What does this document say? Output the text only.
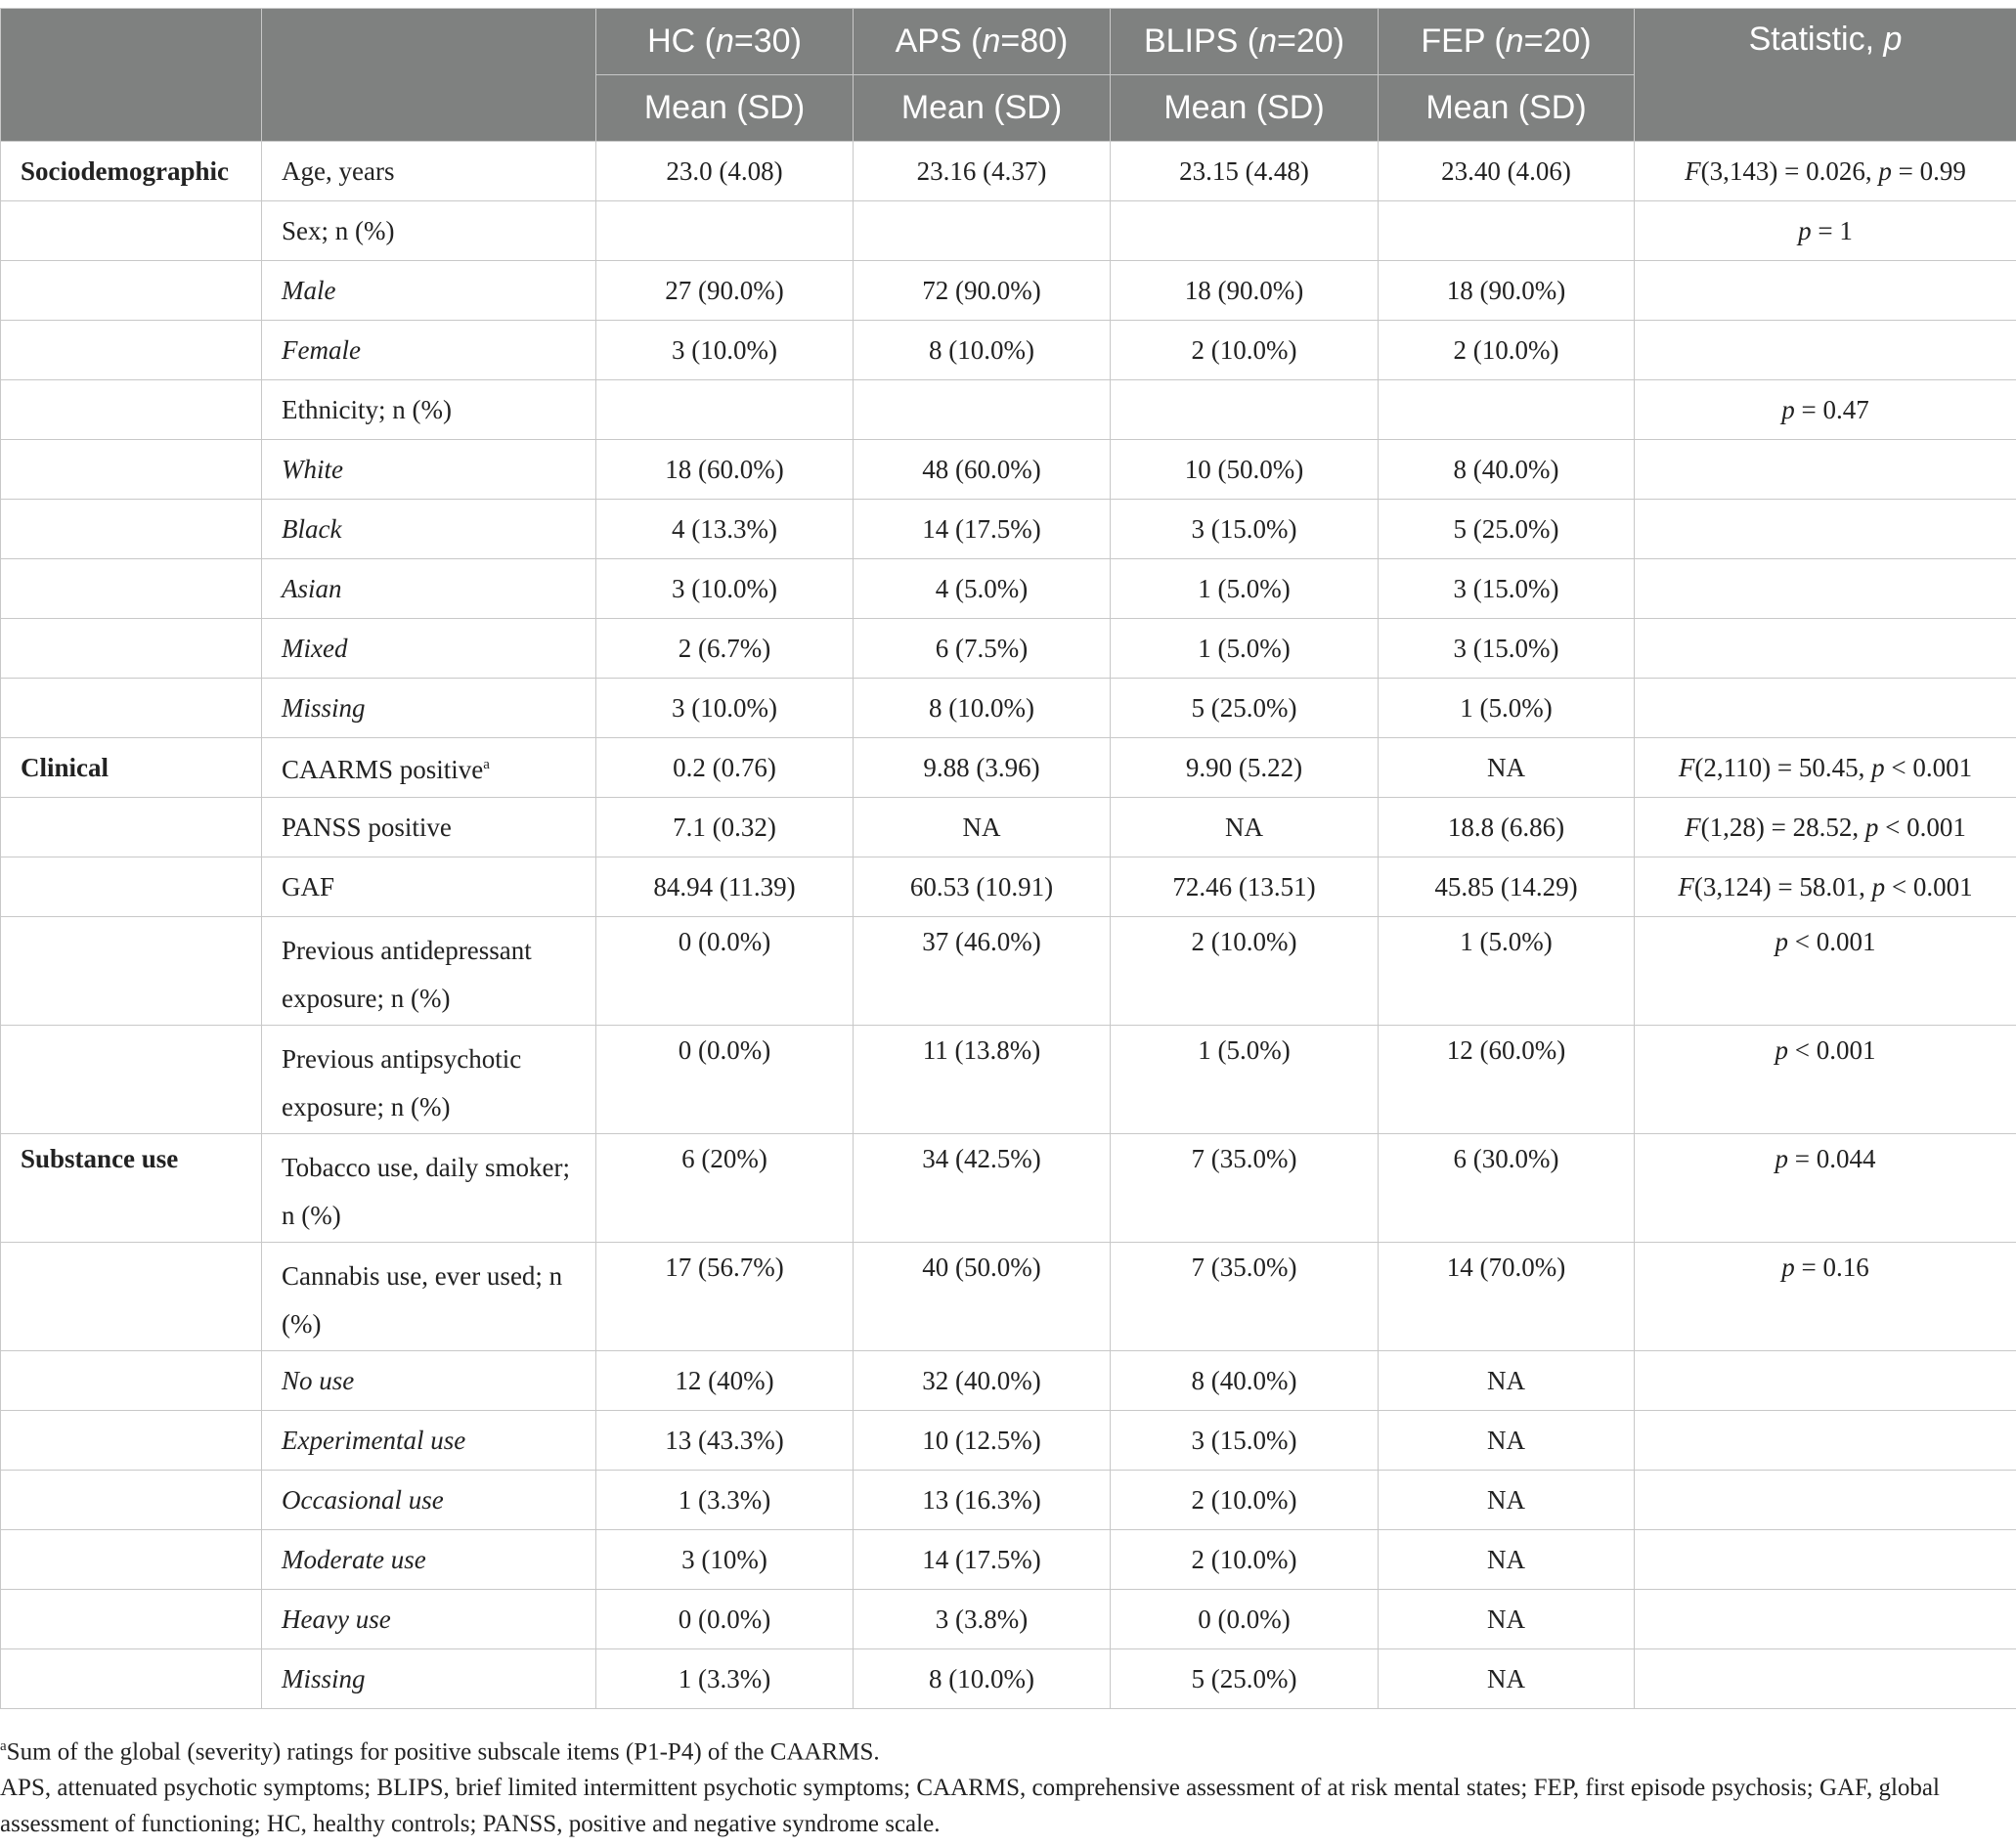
		HC (n=30)	APS (n=80)	BLIPS (n=20)	FEP (n=20)	Statistic, p
		Mean (SD)	Mean (SD)	Mean (SD)	Mean (SD)	
Sociodemographic	Age, years	23.0 (4.08)	23.16 (4.37)	23.15 (4.48)	23.40 (4.06)	F(3,143) = 0.026, p = 0.99
	Sex; n (%)					p = 1
	Male	27 (90.0%)	72 (90.0%)	18 (90.0%)	18 (90.0%)	
	Female	3 (10.0%)	8 (10.0%)	2 (10.0%)	2 (10.0%)	
	Ethnicity; n (%)					p = 0.47
	White	18 (60.0%)	48 (60.0%)	10 (50.0%)	8 (40.0%)	
	Black	4 (13.3%)	14 (17.5%)	3 (15.0%)	5 (25.0%)	
	Asian	3 (10.0%)	4 (5.0%)	1 (5.0%)	3 (15.0%)	
	Mixed	2 (6.7%)	6 (7.5%)	1 (5.0%)	3 (15.0%)	
	Missing	3 (10.0%)	8 (10.0%)	5 (25.0%)	1 (5.0%)	
Clinical	CAARMS positive$^a$	0.2 (0.76)	9.88 (3.96)	9.90 (5.22)	NA	F(2,110) = 50.45, p < 0.001
	PANSS positive	7.1 (0.32)	NA	NA	18.8 (6.86)	F(1,28) = 28.52, p < 0.001
	GAF	84.94 (11.39)	60.53 (10.91)	72.46 (13.51)	45.85 (14.29)	F(3,124) = 58.01, p < 0.001
	Previous antidepressant exposure; n (%)	0 (0.0%)	37 (46.0%)	2 (10.0%)	1 (5.0%)	p < 0.001
	Previous antipsychotic exposure; n (%)	0 (0.0%)	11 (13.8%)	1 (5.0%)	12 (60.0%)	p < 0.001
Substance use	Tobacco use, daily smoker; n (%)	6 (20%)	34 (42.5%)	7 (35.0%)	6 (30.0%)	p = 0.044
	Cannabis use, ever used; n (%)	17 (56.7%)	40 (50.0%)	7 (35.0%)	14 (70.0%)	p = 0.16
	No use	12 (40%)	32 (40.0%)	8 (40.0%)	NA	
	Experimental use	13 (43.3%)	10 (12.5%)	3 (15.0%)	NA	
	Occasional use	1 (3.3%)	13 (16.3%)	2 (10.0%)	NA	
	Moderate use	3 (10%)	14 (17.5%)	2 (10.0%)	NA	
	Heavy use	0 (0.0%)	3 (3.8%)	0 (0.0%)	NA	
	Missing	1 (3.3%)	8 (10.0%)	5 (25.0%)	NA	

$^a$Sum of the global (severity) ratings for positive subscale items (P1-P4) of the CAARMS.

APS, attenuated psychotic symptoms; BLIPS, brief limited intermittent psychotic symptoms; CAARMS, comprehensive assessment of at risk mental states; FEP, first episode psychosis; GAF, global assessment of functioning; HC, healthy controls; PANSS, positive and negative syndrome scale.
